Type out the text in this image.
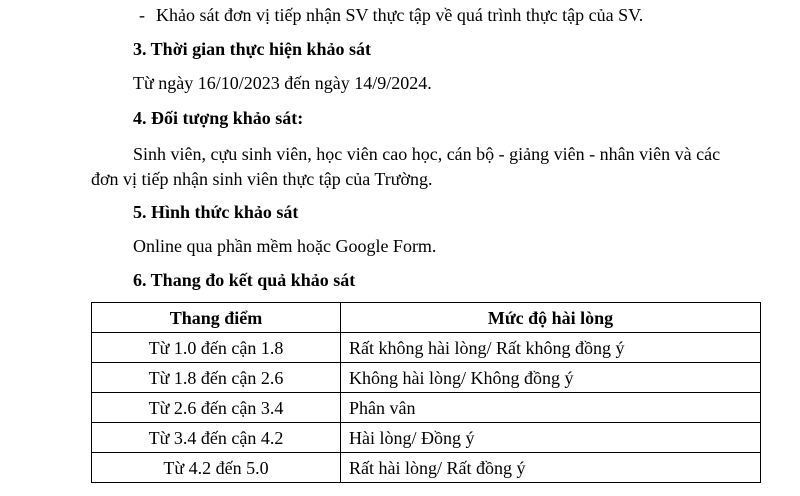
- Khảo sát đơn vị tiếp nhận SV thực tập về quá trình thực tập của SV.
3. Thời gian thực hiện khảo sát
Từ ngày 16/10/2023 đến ngày 14/9/2024.
4. Đối tượng khảo sát:
Sinh viên, cựu sinh viên, học viên cao học, cán bộ - giảng viên - nhân viên và các
đơn vị tiếp nhận sinh viên thực tập của Trường.
5. Hình thức khảo sát
Online qua phần mềm hoặc Google Form.
6. Thang đo kết quả khảo sát
Thang điểm	Mức độ hài lòng
Từ 1.0 đến cận 1.8	Rất không hài lòng/ Rất không đồng ý
Từ 1.8 đến cận 2.6	Không hài lòng/ Không đồng ý
Từ 2.6 đến cận 3.4	Phân vân
Từ 3.4 đến cận 4.2	Hài lòng/ Đồng ý
Từ 4.2 đến 5.0	Rất hài lòng/ Rất đồng ý
